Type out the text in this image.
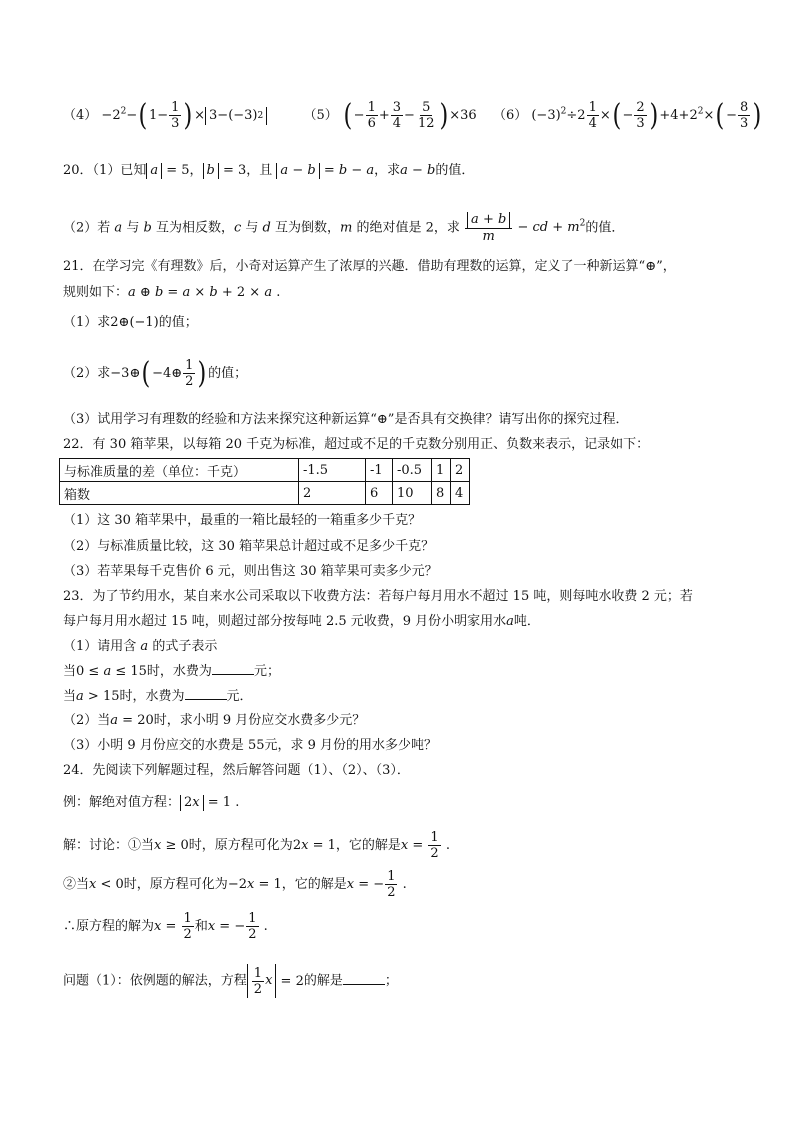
$(4) -2^2-(1- \frac{1}{3}$ )× 3−(−3) 2	（5） (− $\frac{1}{6} + \frac{3}{4} - \frac{5}{12} )\times 36$ （6） $(-3)^2\div 2 \frac{1}{4}$ ×(− $\frac{2}{3} )+4+2^2\times(- \frac{8}{3}$ )
20．（1）已知 a = 5， b = 3，且 a − b = b − a，求a − b的值．
（2）若 a 与 b 互为相反数，c 与 d 互为倒数，m 的绝对值是 2，求 $\frac{a + b}{m}$ − cd + $m^2$的值．
21．在学习完《有理数》后，小奇对运算产生了浓厚的兴趣．借助有理数的运算，定义了一种新运算“⊕”，
规则如下：a ⊕ b = a × b + 2 × a .
（1）求2⊕(−1)的值；
（2）求−3⊕(−4⊕ $\frac{1}{2}$ )的值；
（3）试用学习有理数的经验和方法来探究这种新运算“⊕”是否具有交换律？请写出你的探究过程．
22．有 30 箱苹果，以每箱 20 千克为标准，超过或不足的千克数分别用正、负数来表示，记录如下：
与标准质量的差（单位：千克）	-1.5	-1	-0.5	1	2
箱数	2	6	10	8	4
（1）这 30 箱苹果中，最重的一箱比最轻的一箱重多少千克？
（2）与标准质量比较，这 30 箱苹果总计超过或不足多少千克？
（3）若苹果每千克售价 6 元，则出售这 30 箱苹果可卖多少元？
23．为了节约用水，某自来水公司采取以下收费方法：若每户每月用水不超过 15 吨，则每吨水收费 2 元；若
每户每月用水超过 15 吨，则超过部分按每吨 2.5 元收费，9 月份小明家用水a吨．
（1）请用含 a 的式子表示
当0 ≤ a ≤ 15时，水费为	元；
当a > 15时，水费为	元．
（2）当a = 20时，求小明 9 月份应交水费多少元？
（3）小明 9 月份应交的水费是 55元，求 9 月份的用水多少吨？
24．先阅读下列解题过程，然后解答问题（1）、（2）、（3）．
例：解绝对值方程： 2x = 1 .
解：讨论：①当x ≥ 0时，原方程可化为2x = 1，它的解是$x = \frac{1}{2}$ .
②当x < 0时，原方程可化为−2x = 1，它的解是x = − $\frac{1}{2}$ .
∴原方程的解为$x = \frac{1}{2}$ 和x = − $\frac{1}{2}$ .
问题（1）：依例题的解法，方程 $\frac{1}{2}$ x = 2的解是	；
